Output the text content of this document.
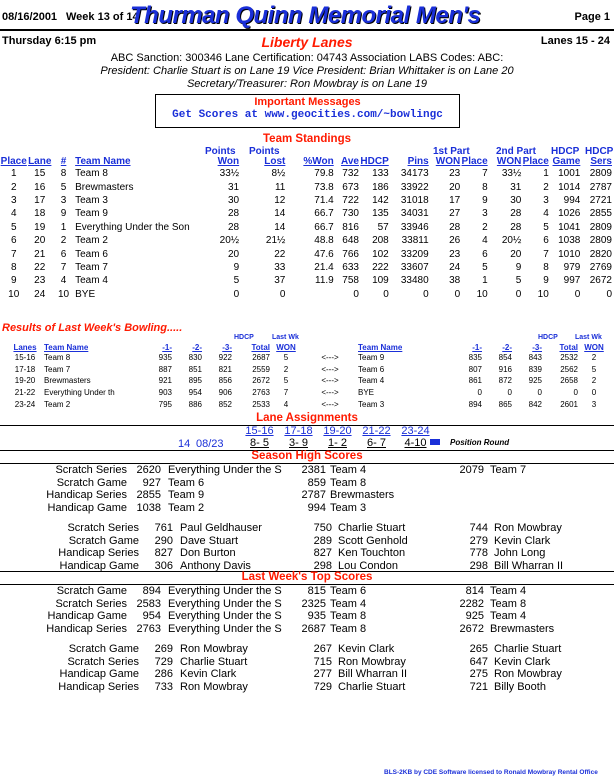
08/16/2001 Week 13 of 14
Thurman Quinn Memorial Men's	Page 1
Thursday 6:15 pm	Liberty Lanes	Lanes 15 - 24
ABC Sanction: 300346 Lane Certification: 04743 Association LABS Codes: ABC:
President: Charlie Stuart is on Lane 19 Vice President: Brian Whittaker is on Lane 20
Secretary/Treasurer: Ron Mowbray is on Lane 19
Important Messages
Get Scores at www.geocities.com/~bowlingc
Team Standings
Points Points	1st Part	2nd Part HDCP HDCP
Place	Lane	#	Team Name	Won	Lost	%Won	Ave	HDCP	Pins	WON	Place	WON	Place	Game	Sers
1	15	8	Team 8	33½	8½	79.8	732	133	34173	23	7	33½	1	1001	2809
2	16	5	Brewmasters	31	11	73.8	673	186	33922	20	8	31	2	1014	2787
3	17	3	Team 3	30	12	71.4	722	142	31018	17	9	30	3	994	2721
4	18	9	Team 9	28	14	66.7	730	135	34031	27	3	28	4	1026	2855
5	19	1	Everything Under the Son	28	14	66.7	816	57	33946	28	2	28	5	1041	2809
6	20	2	Team 2	20½	21½	48.8	648	208	33811	26	4	20½	6	1038	2809
7	21	6	Team 6	20	22	47.6	766	102	33209	23	6	20	7	1010	2820
8	22	7	Team 7	9	33	21.4	633	222	33607	24	5	9	8	979	2769
9	23	4	Team 4	5	37	11.9	758	109	33480	38	1	5	9	997	2672
10	24	10	BYE	0	0		0	0	0	0	10	0	10	0	0
Results of Last Week's Bowling.....
HDCP	Last Wk	HDCP Last Wk
Lanes	Team Name	-1-	-2-	-3-	Total	WON		Team Name	-1-	-2-	-3-	Total	WON
15-16	Team 8	935	830	922	2687	5	<--->	Team 9	835	854	843	2532	2
17-18	Team 7	887	851	821	2559	2	<--->	Team 6	807	916	839	2562	5
19-20	Brewmasters	921	895	856	2672	5	<--->	Team 4	861	872	925	2658	2
21-22	Everything Under th	903	954	906	2763	7	<--->	BYE	0	0	0	0	0
23-24	Team 2	795	886	852	2533	4	<--->	Team 3	894	865	842	2601	3
Lane Assignments
15-16 17-18 19-20 21-22 23-24
14 08/23	8- 5 3- 9 1- 2 6- 7 4-10	Position Round
Season High Scores
Scratch Series 2620 Everything Under the S 2381 Team 4	2079 Team 7
Scratch Game 927 Team 6	859 Team 8
Handicap Series 2855 Team 9	2787 Brewmasters
Handicap Game 1038 Team 2	994 Team 3
Scratch Series 761 Paul Geldhauser	750 Charlie Stuart	744 Ron Mowbray
Scratch Game 290 Dave Stuart	289 Scott Genhold	279 Kevin Clark
Handicap Series 827 Don Burton	827 Ken Touchton	778 John Long
Handicap Game 306 Anthony Davis	298 Lou Condon	298 Bill Wharran II
Last Week's Top Scores
Scratch Game 894 Everything Under the S 815 Team 6	814 Team 4
Scratch Series 2583 Everything Under the S 2325 Team 4	2282 Team 8
Handicap Game 954 Everything Under the S 935 Team 8	925 Team 4
Handicap Series 2763 Everything Under the S 2687 Team 8	2672 Brewmasters
Scratch Game 269 Ron Mowbray	267 Kevin Clark	265 Charlie Stuart
Scratch Series 729 Charlie Stuart	715 Ron Mowbray	647 Kevin Clark
Handicap Game 286 Kevin Clark	277 Bill Wharran II	275 Ron Mowbray
Handicap Series 733 Ron Mowbray	729 Charlie Stuart	721 Billy Booth
BLS-2KB by CDE Software licensed to Ronald Mowbray Rental Office
